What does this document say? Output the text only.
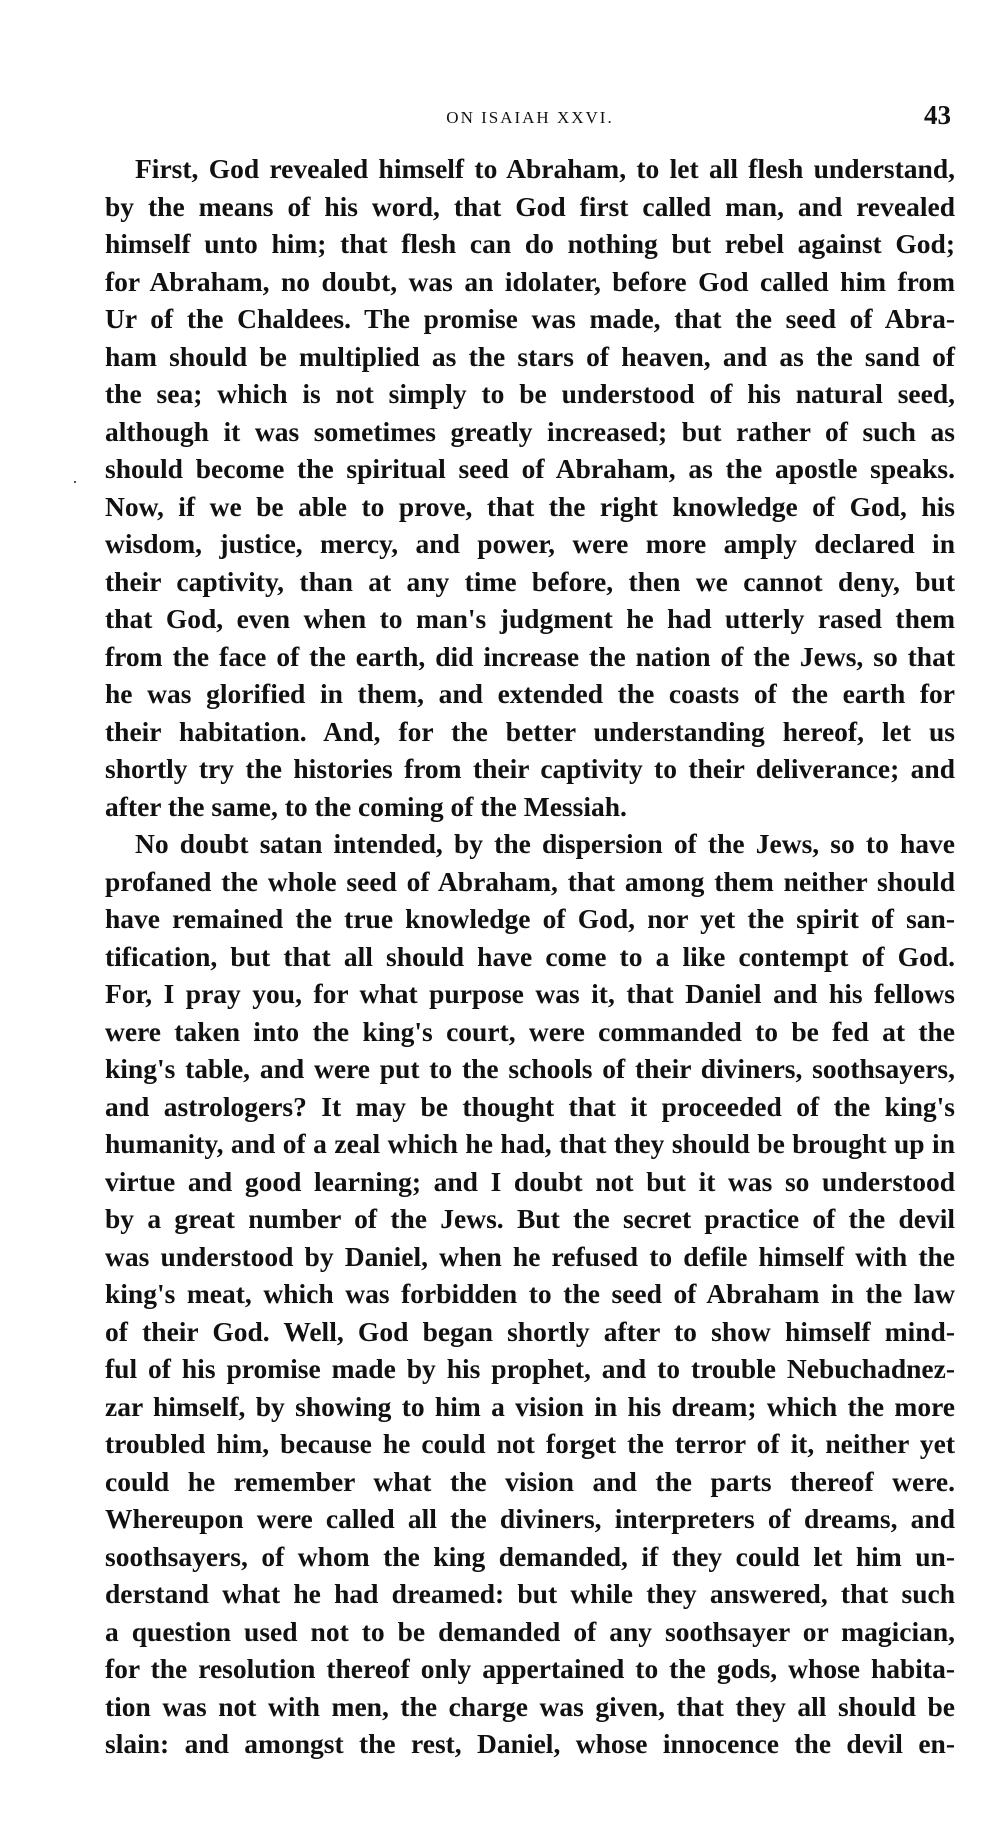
ON ISAIAH XXVI.	43
·
First, God revealed himself to Abraham, to let all flesh understand,
by the means of his word, that God first called man, and revealed
himself unto him; that flesh can do nothing but rebel against God;
for Abraham, no doubt, was an idolater, before God called him from
Ur of the Chaldees. The promise was made, that the seed of Abra-
ham should be multiplied as the stars of heaven, and as the sand of
the sea; which is not simply to be understood of his natural seed,
although it was sometimes greatly increased; but rather of such as
should become the spiritual seed of Abraham, as the apostle speaks.
Now, if we be able to prove, that the right knowledge of God, his
wisdom, justice, mercy, and power, were more amply declared in
their captivity, than at any time before, then we cannot deny, but
that God, even when to man's judgment he had utterly rased them
from the face of the earth, did increase the nation of the Jews, so that
he was glorified in them, and extended the coasts of the earth for
their habitation. And, for the better understanding hereof, let us
shortly try the histories from their captivity to their deliverance; and
after the same, to the coming of the Messiah.
No doubt satan intended, by the dispersion of the Jews, so to have
profaned the whole seed of Abraham, that among them neither should
have remained the true knowledge of God, nor yet the spirit of san-
tification, but that all should have come to a like contempt of God.
For, I pray you, for what purpose was it, that Daniel and his fellows
were taken into the king's court, were commanded to be fed at the
king's table, and were put to the schools of their diviners, soothsayers,
and astrologers? It may be thought that it proceeded of the king's
humanity, and of a zeal which he had, that they should be brought up in
virtue and good learning; and I doubt not but it was so understood
by a great number of the Jews. But the secret practice of the devil
was understood by Daniel, when he refused to defile himself with the
king's meat, which was forbidden to the seed of Abraham in the law
of their God. Well, God began shortly after to show himself mind-
ful of his promise made by his prophet, and to trouble Nebuchadnez-
zar himself, by showing to him a vision in his dream; which the more
troubled him, because he could not forget the terror of it, neither yet
could he remember what the vision and the parts thereof were.
Whereupon were called all the diviners, interpreters of dreams, and
soothsayers, of whom the king demanded, if they could let him un-
derstand what he had dreamed: but while they answered, that such
a question used not to be demanded of any soothsayer or magician,
for the resolution thereof only appertained to the gods, whose habita-
tion was not with men, the charge was given, that they all should be
slain: and amongst the rest, Daniel, whose innocence the devil en-
